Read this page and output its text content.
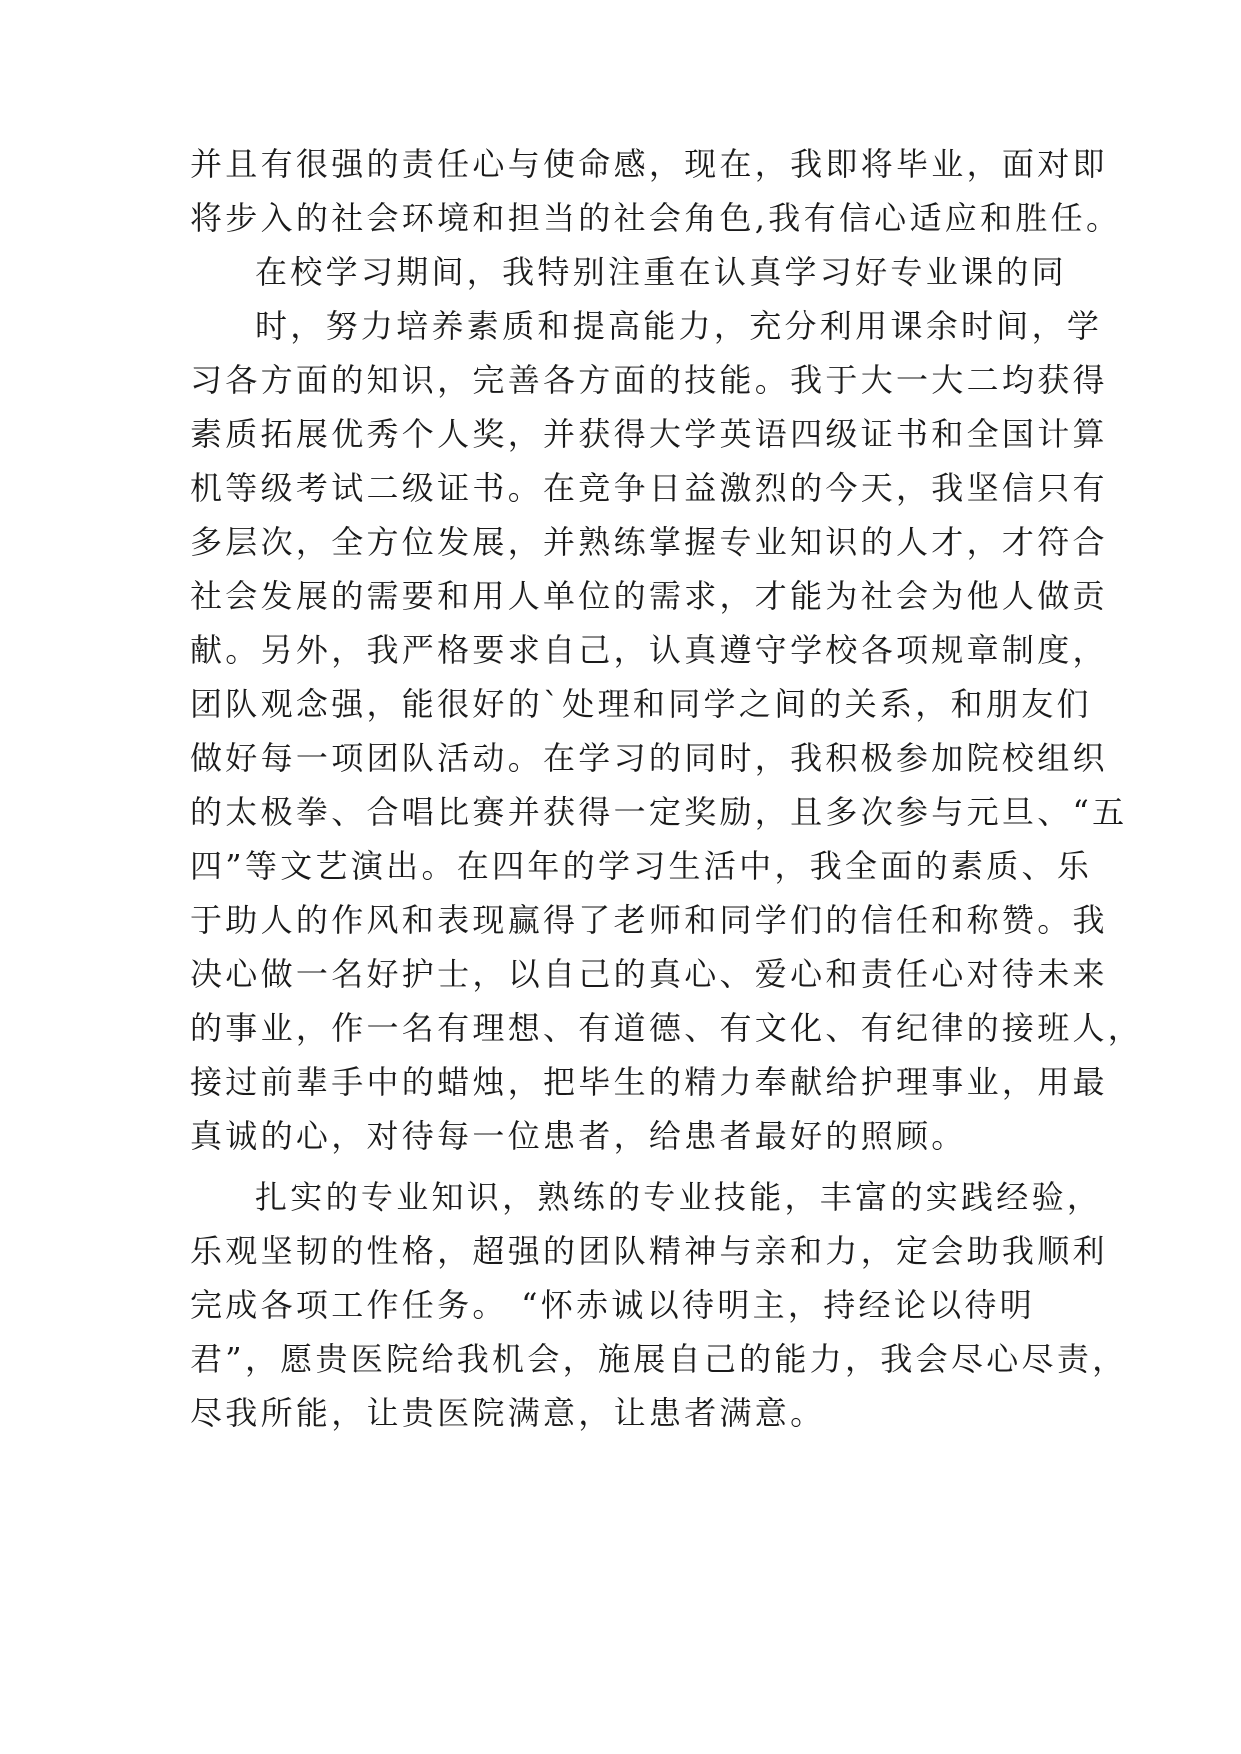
并且有很强的责任心与使命感，现在，我即将毕业，面对即
将步入的社会环境和担当的社会角色,我有信心适应和胜任。
在校学习期间，我特别注重在认真学习好专业课的同
时，努力培养素质和提高能力，充分利用课余时间，学
习各方面的知识，完善各方面的技能。我于大一大二均获得
素质拓展优秀个人奖，并获得大学英语四级证书和全国计算
机等级考试二级证书。在竞争日益激烈的今天，我坚信只有
多层次，全方位发展，并熟练掌握专业知识的人才，才符合
社会发展的需要和用人单位的需求，才能为社会为他人做贡
献。另外，我严格要求自己，认真遵守学校各项规章制度，
团队观念强，能很好的`处理和同学之间的关系，和朋友们
做好每一项团队活动。在学习的同时，我积极参加院校组织
的太极拳、合唱比赛并获得一定奖励，且多次参与元旦、“五
四”等文艺演出。在四年的学习生活中，我全面的素质、乐
于助人的作风和表现赢得了老师和同学们的信任和称赞。我
决心做一名好护士，以自己的真心、爱心和责任心对待未来
的事业，作一名有理想、有道德、有文化、有纪律的接班人，
接过前辈手中的蜡烛，把毕生的精力奉献给护理事业，用最
真诚的心，对待每一位患者，给患者最好的照顾。
扎实的专业知识，熟练的专业技能，丰富的实践经验，
乐观坚韧的性格，超强的团队精神与亲和力，定会助我顺利
完成各项工作任务。 “怀赤诚以待明主，持经论以待明
君”，愿贵医院给我机会，施展自己的能力，我会尽心尽责，
尽我所能，让贵医院满意，让患者满意。
